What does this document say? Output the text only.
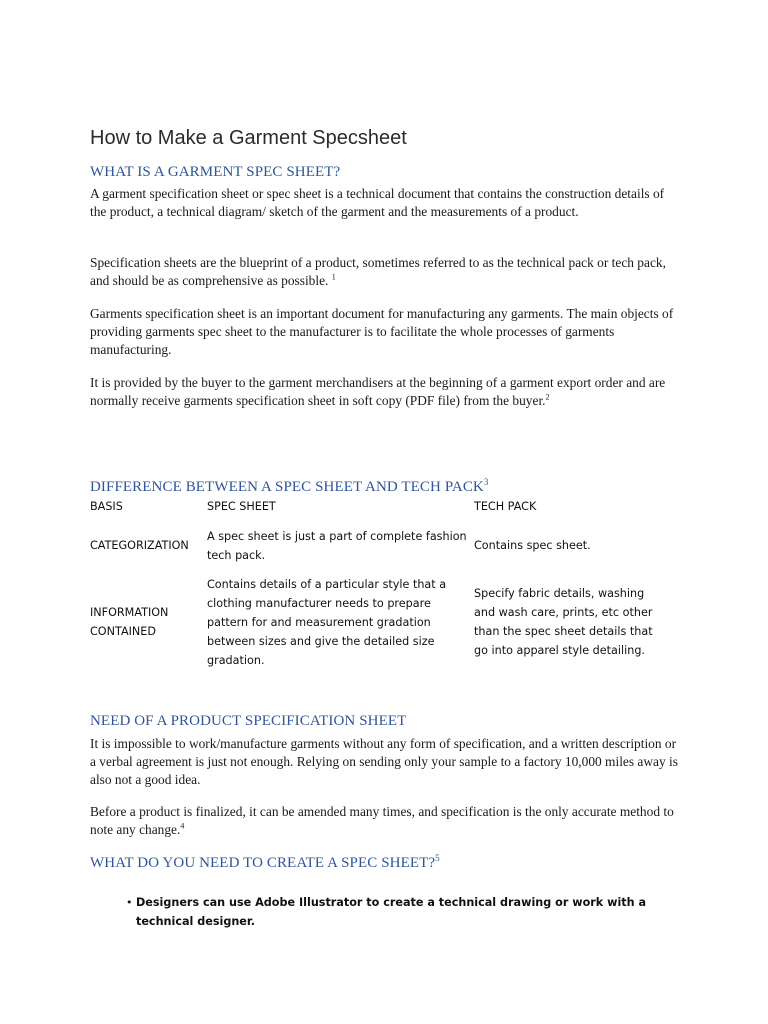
How to Make a Garment Specsheet
WHAT IS A GARMENT SPEC SHEET?
A garment specification sheet or spec sheet is a technical document that contains the construction details of the product, a technical diagram/ sketch of the garment and the measurements of a product.
Specification sheets are the blueprint of a product, sometimes referred to as the technical pack or tech pack, and should be as comprehensive as possible. $^1$
Garments specification sheet is an important document for manufacturing any garments. The main objects of providing garments spec sheet to the manufacturer is to facilitate the whole processes of garments manufacturing.
It is provided by the buyer to the garment merchandisers at the beginning of a garment export order and are normally receive garments specification sheet in soft copy (PDF file) from the buyer.$^2$
DIFFERENCE BETWEEN A SPEC SHEET AND TECH PACK$^3$
BASIS	SPEC SHEET	TECH PACK
CATEGORIZATION
A spec sheet is just a part of complete fashion tech pack.
Contains spec sheet.
INFORMATION CONTAINED
Contains details of a particular style that a clothing manufacturer needs to prepare pattern for and measurement gradation between sizes and give the detailed size gradation.
Specify fabric details, washing and wash care, prints, etc other than the spec sheet details that go into apparel style detailing.
NEED OF A PRODUCT SPECIFICATION SHEET
It is impossible to work/manufacture garments without any form of specification, and a written description or a verbal agreement is just not enough. Relying on sending only your sample to a factory 10,000 miles away is also not a good idea.
Before a product is finalized, it can be amended many times, and specification is the only accurate method to note any change.$^4$
WHAT DO YOU NEED TO CREATE A SPEC SHEET?$^5$
• Designers can use Adobe Illustrator to create a technical drawing or work with a technical designer.
